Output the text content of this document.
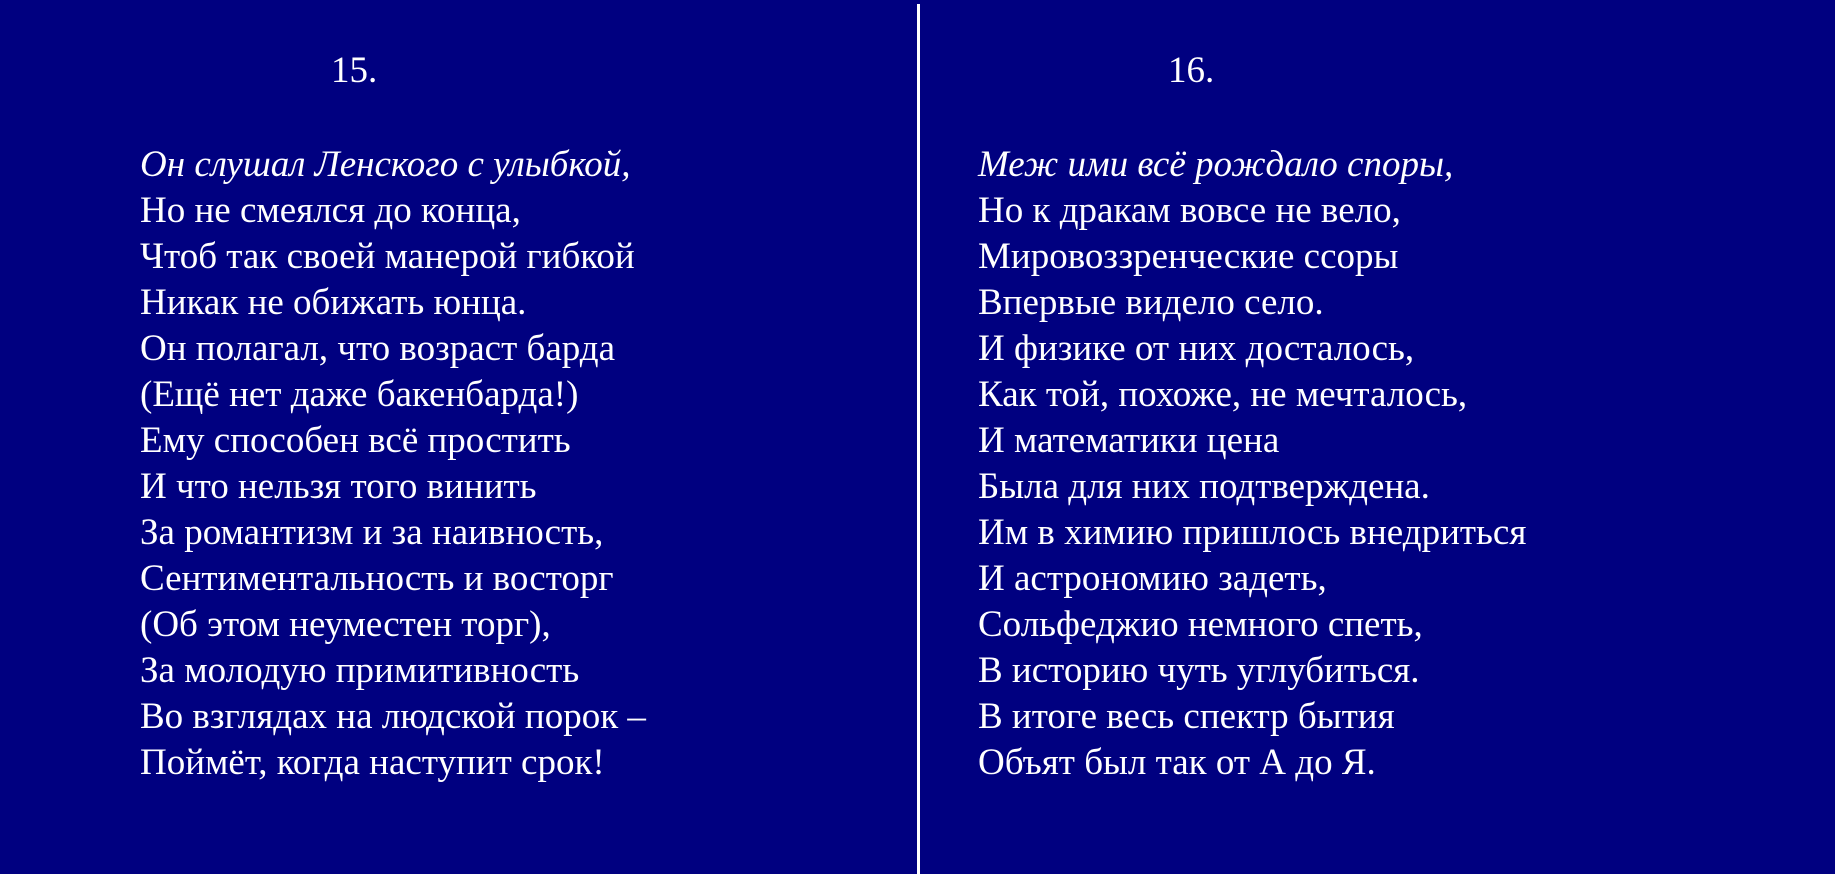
15.
Он слушал Ленского с улыбкой,
Но не смеялся до конца,
Чтоб так своей манерой гибкой
Никак не обижать юнца.
Он полагал, что возраст барда
(Ещё нет даже бакенбарда!)
Ему способен всё простить
И что нельзя того винить
За романтизм и за наивность,
Сентиментальность и восторг
(Об этом неуместен торг),
За молодую примитивность
Во взглядах на людской порок –
Поймёт, когда наступит срок!
16.
Меж ими всё рождало споры,
Но к дракам вовсе не вело,
Мировоззренческие ссоры
Впервые видело село.
И физике от них досталось,
Как той, похоже, не мечталось,
И математики цена
Была для них подтверждена.
Им в химию пришлось внедриться
И астрономию задеть,
Сольфеджио немного спеть,
В историю чуть углубиться.
В итоге весь спектр бытия
Объят был так от А до Я.
